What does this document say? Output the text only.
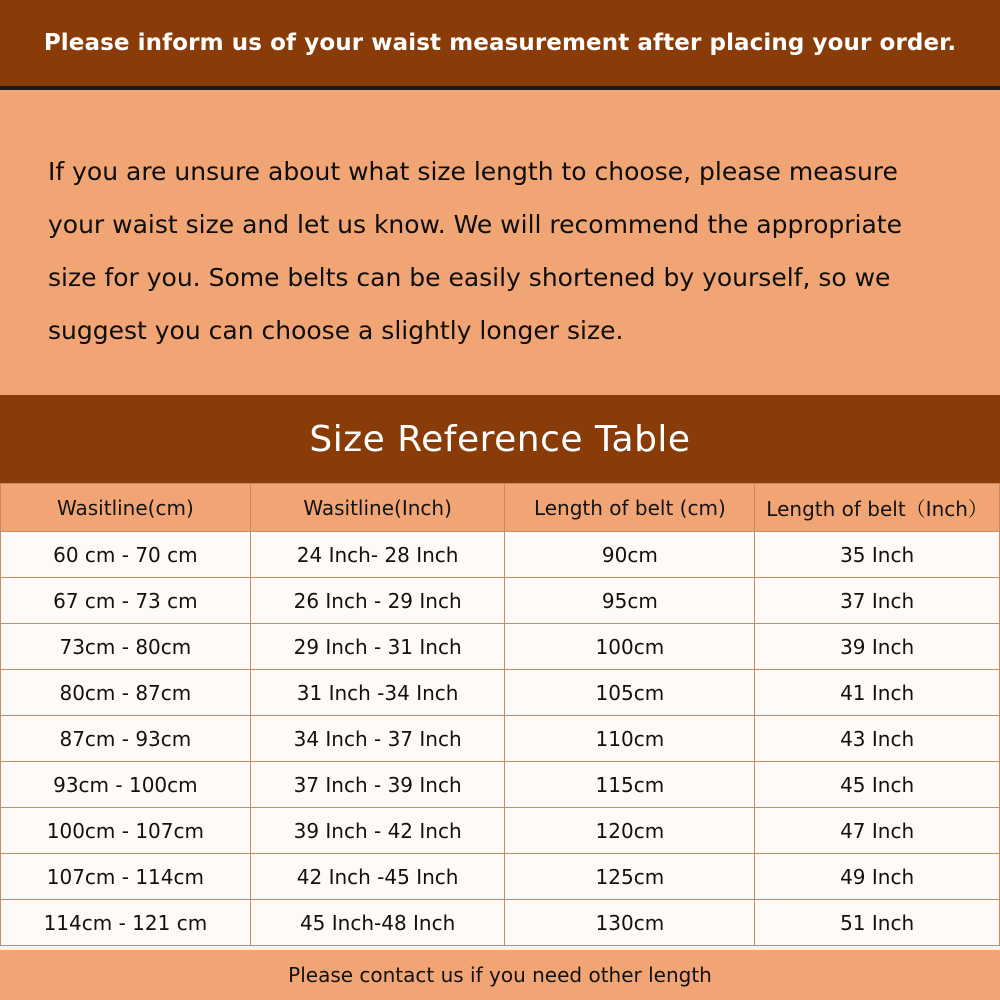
Please inform us of your waist measurement after placing your order.

If you are unsure about what size length to choose, please measure your waist size and let us know. We will recommend the appropriate size for you. Some belts can be easily shortened by yourself, so we suggest you can choose a slightly longer size.

Size Reference Table
Wasitline(cm)	Wasitline(Inch)	Length of belt (cm)	Length of belt（Inch）
60 cm - 70 cm	24 Inch- 28 Inch	90cm	35 Inch
67 cm - 73 cm	26 Inch - 29 Inch	95cm	37 Inch
73cm - 80cm	29 Inch - 31 Inch	100cm	39 Inch
80cm - 87cm	31 Inch -34 Inch	105cm	41 Inch
87cm - 93cm	34 Inch - 37 Inch	110cm	43 Inch
93cm - 100cm	37 Inch - 39 Inch	115cm	45 Inch
100cm - 107cm	39 Inch - 42 Inch	120cm	47 Inch
107cm - 114cm	42 Inch -45 Inch	125cm	49 Inch
114cm - 121 cm	45 Inch-48 Inch	130cm	51 Inch
Please contact us if you need other length
